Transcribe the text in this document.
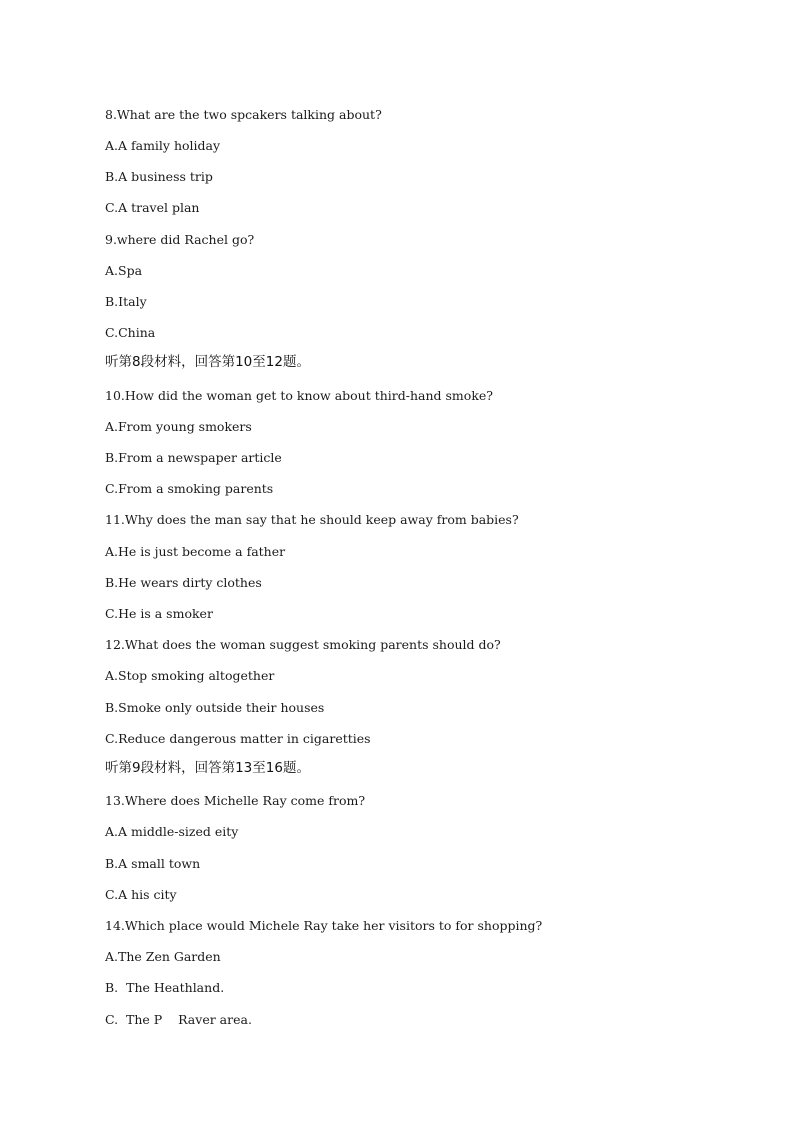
8.What are the two spcakers talking about?

A.A family holiday

B.A business trip

C.A travel plan

9.where did Rachel go?

A.Spa

B.Italy

C.China

听第8段材料，回答第10至12题。

10.How did the woman get to know about third-hand smoke?

A.From young smokers

B.From a newspaper article

C.From a smoking parents

11.Why does the man say that he should keep away from babies?

A.He is just become a father

B.He wears dirty clothes

C.He is a smoker

12.What does the woman suggest smoking parents should do?

A.Stop smoking altogether

B.Smoke only outside their houses

C.Reduce dangerous matter in cigaretties

听第9段材料，回答第13至16题。

13.Where does Michelle Ray come from?

A.A middle-sized eity

B.A small town

C.A his city

14.Which place would Michele Ray take her visitors to for shopping?

A.The Zen Garden

B.  The Heathland.

C.  The P    Raver area.
